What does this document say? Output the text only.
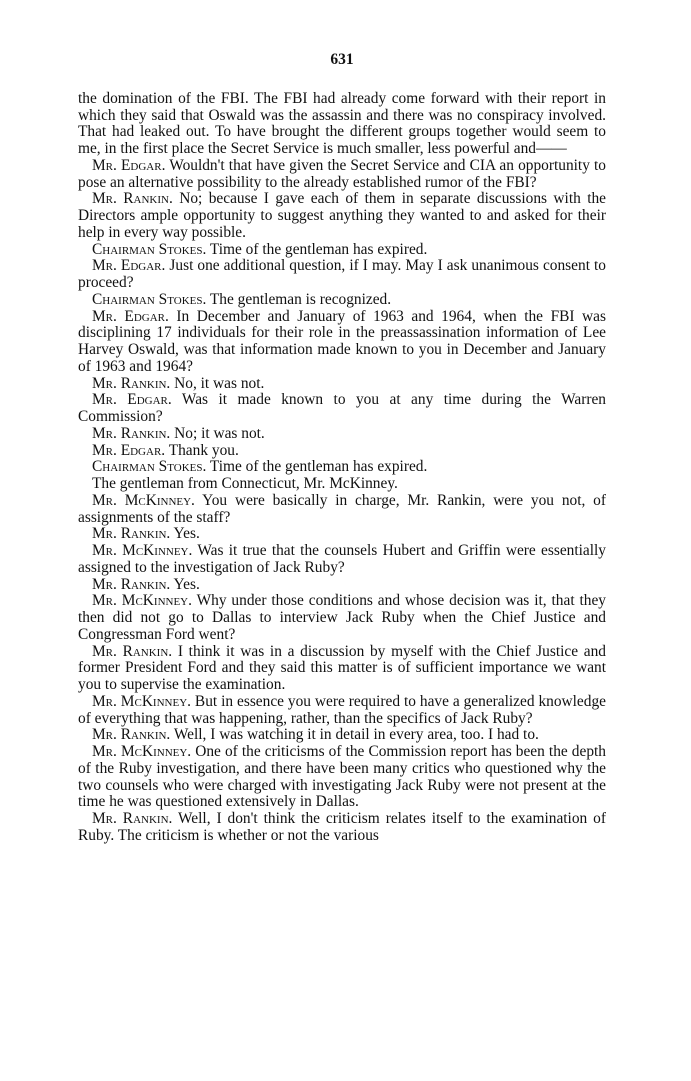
631

the domination of the FBI. The FBI had already come forward with their report in which they said that Oswald was the assassin and there was no conspiracy involved. That had leaked out. To have brought the different groups together would seem to me, in the first place the Secret Service is much smaller, less powerful and——

Mr. Edgar. Wouldn't that have given the Secret Service and CIA an opportunity to pose an alternative possibility to the already established rumor of the FBI?

Mr. Rankin. No; because I gave each of them in separate discussions with the Directors ample opportunity to suggest anything they wanted to and asked for their help in every way possible.

Chairman Stokes. Time of the gentleman has expired.

Mr. Edgar. Just one additional question, if I may. May I ask unanimous consent to proceed?

Chairman Stokes. The gentleman is recognized.

Mr. Edgar. In December and January of 1963 and 1964, when the FBI was disciplining 17 individuals for their role in the preassassination information of Lee Harvey Oswald, was that information made known to you in December and January of 1963 and 1964?

Mr. Rankin. No, it was not.

Mr. Edgar. Was it made known to you at any time during the Warren Commission?

Mr. Rankin. No; it was not.

Mr. Edgar. Thank you.

Chairman Stokes. Time of the gentleman has expired.

The gentleman from Connecticut, Mr. McKinney.

Mr. McKinney. You were basically in charge, Mr. Rankin, were you not, of assignments of the staff?

Mr. Rankin. Yes.

Mr. McKinney. Was it true that the counsels Hubert and Griffin were essentially assigned to the investigation of Jack Ruby?

Mr. Rankin. Yes.

Mr. McKinney. Why under those conditions and whose decision was it, that they then did not go to Dallas to interview Jack Ruby when the Chief Justice and Congressman Ford went?

Mr. Rankin. I think it was in a discussion by myself with the Chief Justice and former President Ford and they said this matter is of sufficient importance we want you to supervise the examination.

Mr. McKinney. But in essence you were required to have a generalized knowledge of everything that was happening, rather, than the specifics of Jack Ruby?

Mr. Rankin. Well, I was watching it in detail in every area, too. I had to.

Mr. McKinney. One of the criticisms of the Commission report has been the depth of the Ruby investigation, and there have been many critics who questioned why the two counsels who were charged with investigating Jack Ruby were not present at the time he was questioned extensively in Dallas.

Mr. Rankin. Well, I don't think the criticism relates itself to the examination of Ruby. The criticism is whether or not the various
